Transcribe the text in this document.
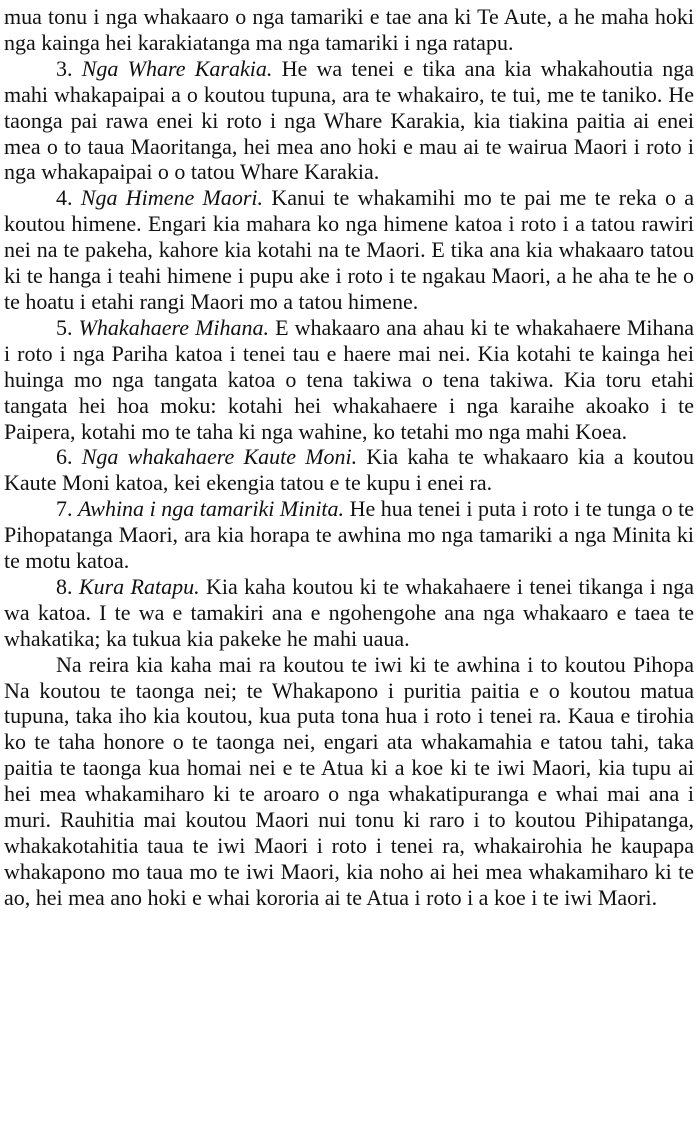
mua tonu i nga whakaaro o nga tamariki e tae ana ki Te Aute, a he maha hoki nga kainga hei karakiatanga ma nga tamariki i nga ratapu.

3. Nga Whare Karakia. He wa tenei e tika ana kia whakahoutia nga mahi whakapaipai a o koutou tupuna, ara te whakairo, te tui, me te taniko. He taonga pai rawa enei ki roto i nga Whare Karakia, kia tiakina paitia ai enei mea o to taua Maoritanga, hei mea ano hoki e mau ai te wairua Maori i roto i nga whakapaipai o o tatou Whare Karakia.

4. Nga Himene Maori. Kanui te whakamihi mo te pai me te reka o a koutou himene. Engari kia mahara ko nga himene katoa i roto i a tatou rawiri nei na te pakeha, kahore kia kotahi na te Maori. E tika ana kia whakaaro tatou ki te hanga i teahi himene i pupu ake i roto i te ngakau Maori, a he aha te he o te hoatu i etahi rangi Maori mo a tatou himene.

5. Whakahaere Mihana. E whakaaro ana ahau ki te whakahaere Mihana i roto i nga Pariha katoa i tenei tau e haere mai nei. Kia kotahi te kainga hei huinga mo nga tangata katoa o tena takiwa o tena takiwa. Kia toru etahi tangata hei hoa moku: kotahi hei whakahaere i nga karaihe akoako i te Paipera, kotahi mo te taha ki nga wahine, ko tetahi mo nga mahi Koea.

6. Nga whakahaere Kaute Moni. Kia kaha te whakaaro kia a koutou Kaute Moni katoa, kei ekengia tatou e te kupu i enei ra.

7. Awhina i nga tamariki Minita. He hua tenei i puta i roto i te tunga o te Pihopatanga Maori, ara kia horapa te awhina mo nga tamariki a nga Minita ki te motu katoa.

8. Kura Ratapu. Kia kaha koutou ki te whakahaere i tenei tikanga i nga wa katoa. I te wa e tamakiri ana e ngohengohe ana nga whakaaro e taea te whakatika; ka tukua kia pakeke he mahi uaua.

Na reira kia kaha mai ra koutou te iwi ki te awhina i to koutou Pihopa Na koutou te taonga nei; te Whakapono i puritia paitia e o koutou matua tupuna, taka iho kia koutou, kua puta tona hua i roto i tenei ra. Kaua e tirohia ko te taha honore o te taonga nei, engari ata whakamahia e tatou tahi, taka paitia te taonga kua homai nei e te Atua ki a koe ki te iwi Maori, kia tupu ai hei mea whakamiharo ki te aroaro o nga whakatipuranga e whai mai ana i muri. Rauhitia mai koutou Maori nui tonu ki raro i to koutou Pihipatanga, whakakotahitia taua te iwi Maori i roto i tenei ra, whakairohia he kaupapa whakapono mo taua mo te iwi Maori, kia noho ai hei mea whakamiharo ki te ao, hei mea ano hoki e whai kororia ai te Atua i roto i a koe i te iwi Maori.
